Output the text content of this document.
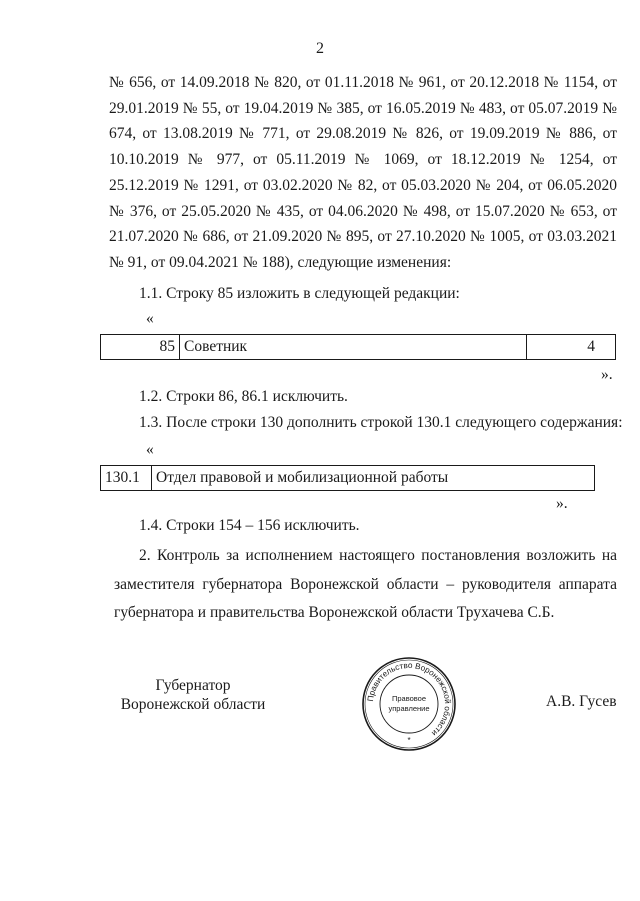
2
№ 656, от 14.09.2018 № 820, от 01.11.2018 № 961, от 20.12.2018 № 1154, от 29.01.2019 № 55, от 19.04.2019 № 385, от 16.05.2019 № 483, от 05.07.2019 № 674, от 13.08.2019 № 771, от 29.08.2019 № 826, от 19.09.2019 № 886, от 10.10.2019 № 977, от 05.11.2019 № 1069, от 18.12.2019 № 1254, от 25.12.2019 № 1291, от 03.02.2020 № 82, от 05.03.2020 № 204, от 06.05.2020 № 376, от 25.05.2020 № 435, от 04.06.2020 № 498, от 15.07.2020 № 653, от 21.07.2020 № 686, от 21.09.2020 № 895, от 27.10.2020 № 1005, от 03.03.2021 № 91, от 09.04.2021 № 188), следующие изменения:
1.1. Строку 85 изложить в следующей редакции:
«
85	Советник	4
».
1.2. Строки 86, 86.1 исключить.
1.3. После строки 130 дополнить строкой 130.1 следующего содержания:
«
130.1	Отдел правовой и мобилизационной работы
».
1.4. Строки 154 – 156 исключить.
2. Контроль за исполнением настоящего постановления возложить на заместителя губернатора Воронежской области – руководителя аппарата губернатора и правительства Воронежской области Трухачева С.Б.
Губернатор
Воронежской области	Правительство Воронежской области
Правовое
управление
*
А.В. Гусев
